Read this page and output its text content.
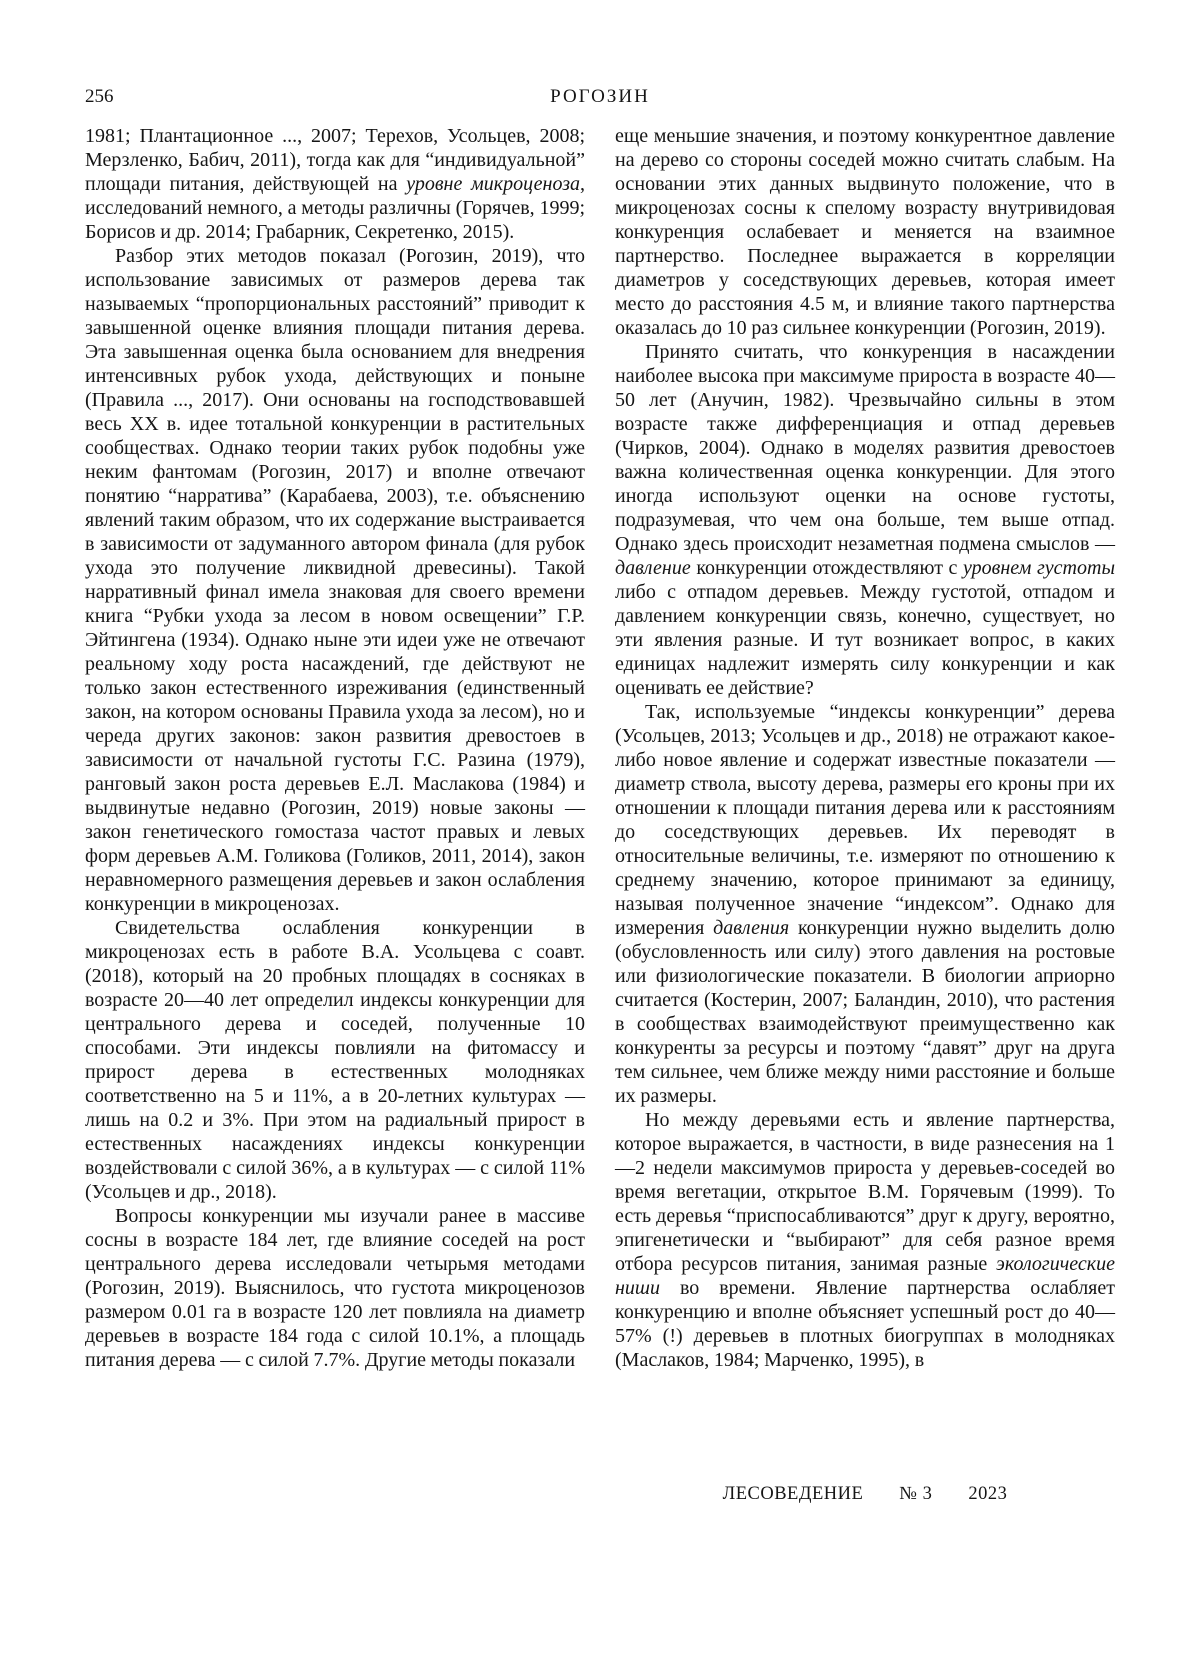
256	РОГОЗИН

1981; Плантационное ..., 2007; Терехов, Усольцев, 2008; Мерзленко, Бабич, 2011), тогда как для “индивидуальной” площади питания, действующей на уровне микроценоза, исследований немного, а методы различны (Горячев, 1999; Борисов и др. 2014; Грабарник, Секретенко, 2015).

Разбор этих методов показал (Рогозин, 2019), что использование зависимых от размеров дерева так называемых “пропорциональных расстояний” приводит к завышенной оценке влияния площади питания дерева. Эта завышенная оценка была основанием для внедрения интенсивных рубок ухода, действующих и поныне (Правила ..., 2017). Они основаны на господствовавшей весь XX в. идее тотальной конкуренции в растительных сообществах. Однако теории таких рубок подобны уже неким фантомам (Рогозин, 2017) и вполне отвечают понятию “нарратива” (Карабаева, 2003), т.е. объяснению явлений таким образом, что их содержание выстраивается в зависимости от задуманного автором финала (для рубок ухода это получение ликвидной древесины). Такой нарративный финал имела знаковая для своего времени книга “Рубки ухода за лесом в новом освещении” Г.Р. Эйтингена (1934). Однако ныне эти идеи уже не отвечают реальному ходу роста насаждений, где действуют не только закон естественного изреживания (единственный закон, на котором основаны Правила ухода за лесом), но и череда других законов: закон развития древостоев в зависимости от начальной густоты Г.С. Разина (1979), ранговый закон роста деревьев Е.Л. Маслакова (1984) и выдвинутые недавно (Рогозин, 2019) новые законы — закон генетического гомостаза частот правых и левых форм деревьев А.М. Голикова (Голиков, 2011, 2014), закон неравномерного размещения деревьев и закон ослабления конкуренции в микроценозах.

Свидетельства ослабления конкуренции в микроценозах есть в работе В.А. Усольцева с соавт. (2018), который на 20 пробных площадях в сосняках в возрасте 20—40 лет определил индексы конкуренции для центрального дерева и соседей, полученные 10 способами. Эти индексы повлияли на фитомассу и прирост дерева в естественных молодняках соответственно на 5 и 11%, а в 20-летних культурах — лишь на 0.2 и 3%. При этом на радиальный прирост в естественных насаждениях индексы конкуренции воздействовали с силой 36%, а в культурах — с силой 11% (Усольцев и др., 2018).

Вопросы конкуренции мы изучали ранее в массиве сосны в возрасте 184 лет, где влияние соседей на рост центрального дерева исследовали четырьмя методами (Рогозин, 2019). Выяснилось, что густота микроценозов размером 0.01 га в возрасте 120 лет повлияла на диаметр деревьев в возрасте 184 года с силой 10.1%, а площадь питания дерева — с силой 7.7%. Другие методы показали

еще меньшие значения, и поэтому конкурентное давление на дерево со стороны соседей можно считать слабым. На основании этих данных выдвинуто положение, что в микроценозах сосны к спелому возрасту внутривидовая конкуренция ослабевает и меняется на взаимное партнерство. Последнее выражается в корреляции диаметров у соседствующих деревьев, которая имеет место до расстояния 4.5 м, и влияние такого партнерства оказалась до 10 раз сильнее конкуренции (Рогозин, 2019).

Принято считать, что конкуренция в насаждении наиболее высока при максимуме прироста в возрасте 40—50 лет (Анучин, 1982). Чрезвычайно сильны в этом возрасте также дифференциация и отпад деревьев (Чирков, 2004). Однако в моделях развития древостоев важна количественная оценка конкуренции. Для этого иногда используют оценки на основе густоты, подразумевая, что чем она больше, тем выше отпад. Однако здесь происходит незаметная подмена смыслов — давление конкуренции отождествляют с уровнем густоты либо с отпадом деревьев. Между густотой, отпадом и давлением конкуренции связь, конечно, существует, но эти явления разные. И тут возникает вопрос, в каких единицах надлежит измерять силу конкуренции и как оценивать ее действие?

Так, используемые “индексы конкуренции” дерева (Усольцев, 2013; Усольцев и др., 2018) не отражают какое-либо новое явление и содержат известные показатели — диаметр ствола, высоту дерева, размеры его кроны при их отношении к площади питания дерева или к расстояниям до соседствующих деревьев. Их переводят в относительные величины, т.е. измеряют по отношению к среднему значению, которое принимают за единицу, называя полученное значение “индексом”. Однако для измерения давления конкуренции нужно выделить долю (обусловленность или силу) этого давления на ростовые или физиологические показатели. В биологии априорно считается (Костерин, 2007; Баландин, 2010), что растения в сообществах взаимодействуют преимущественно как конкуренты за ресурсы и поэтому “давят” друг на друга тем сильнее, чем ближе между ними расстояние и больше их размеры.

Но между деревьями есть и явление партнерства, которое выражается, в частности, в виде разнесения на 1—2 недели максимумов прироста у деревьев-соседей во время вегетации, открытое В.М. Горячевым (1999). То есть деревья “приспосабливаются” друг к другу, вероятно, эпигенетически и “выбирают” для себя разное время отбора ресурсов питания, занимая разные экологические ниши во времени. Явление партнерства ослабляет конкуренцию и вполне объясняет успешный рост до 40—57% (!) деревьев в плотных биогруппах в молодняках (Маслаков, 1984; Марченко, 1995), в

ЛЕСОВЕДЕНИЕ № 3 2023
